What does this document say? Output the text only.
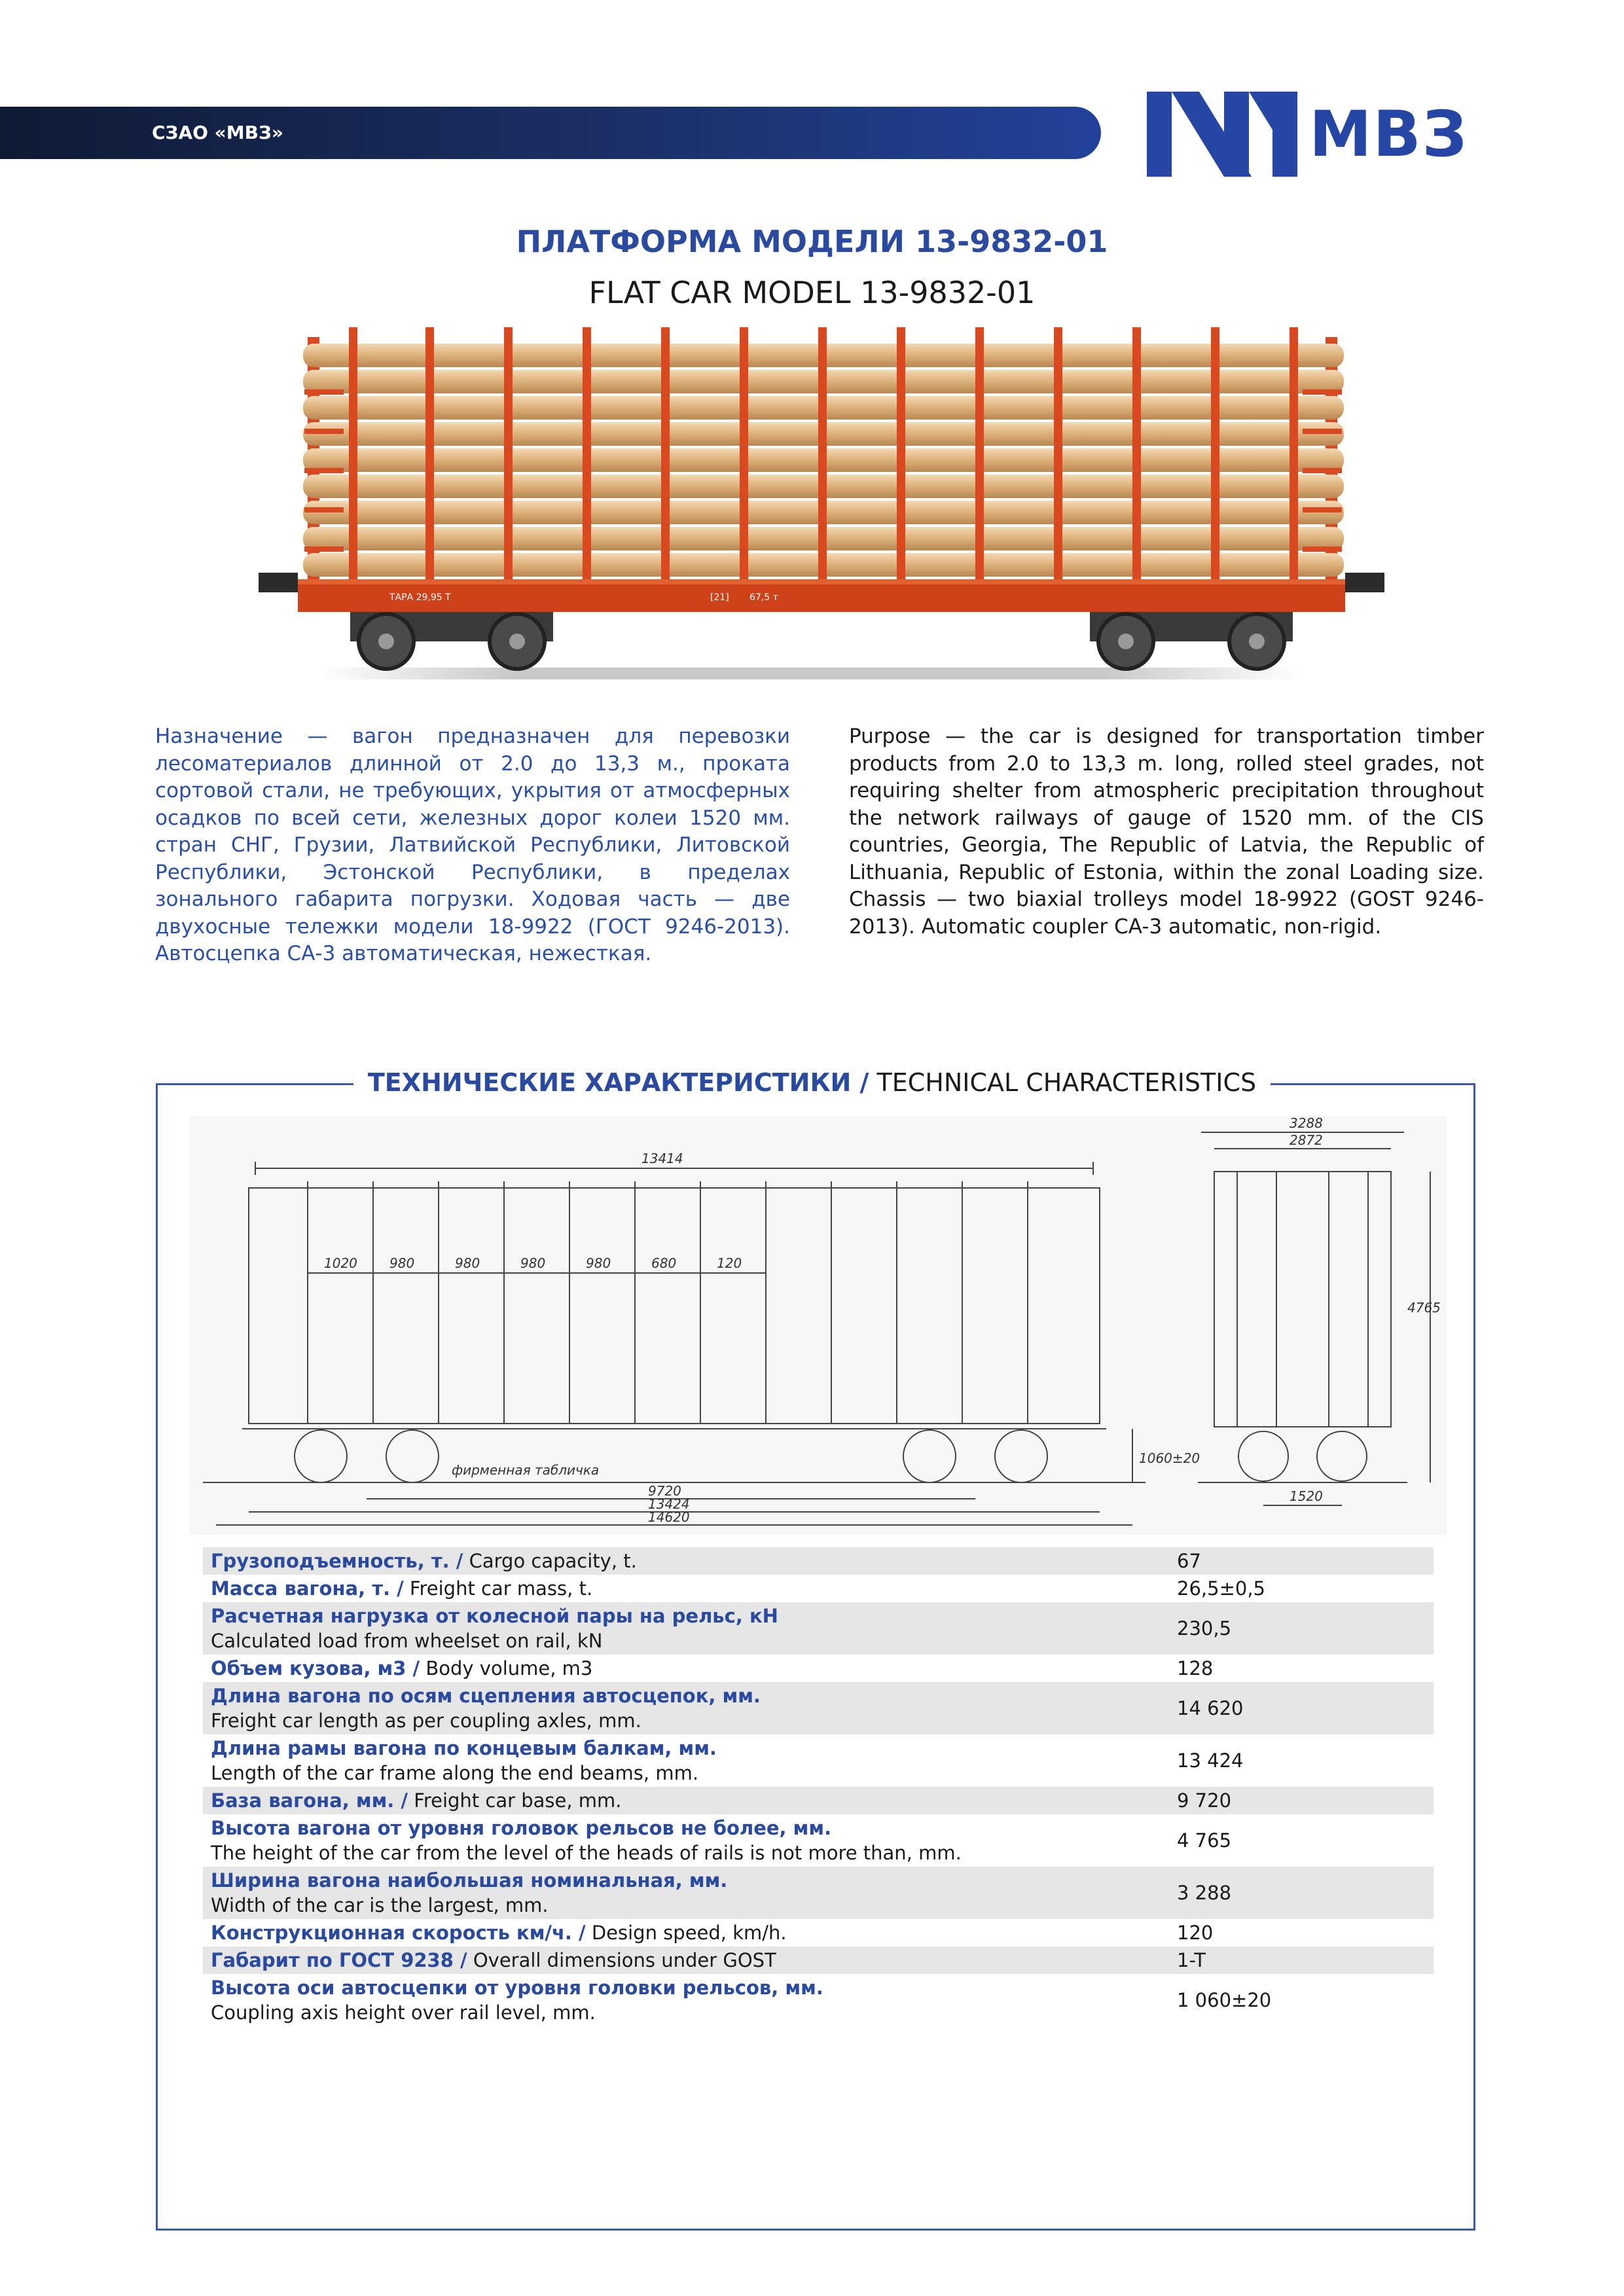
СЗАО «МВЗ»	МВЗ
ПЛАТФОРМА МОДЕЛИ 13-9832-01
FLAT CAR MODEL 13-9832-01
ТАРА 29,95 Т	[21] 67,5 т
Назначение — вагон предназначен для перевозки лесоматериалов длинной от 2.0 до 13,3 м., проката сортовой стали, не требующих, укрытия от атмосферных осадков по всей сети, железных дорог колеи 1520 мм. стран СНГ, Грузии, Латвийской Республики, Литовской Республики, Эстонской Республики, в пределах зонального габарита погрузки. Ходовая часть — две двухосные тележки модели 18-9922 (ГОСТ 9246-2013). Автосцепка СА-3 автоматическая, нежесткая.
Purpose — the car is designed for transportation timber products from 2.0 to 13,3 m. long, rolled steel grades, not requiring shelter from atmospheric precipitation throughout the network railways of gauge of 1520 mm. of the CIS countries, Georgia, The Republic of Latvia, the Republic of Lithuania, Republic of Estonia, within the zonal Loading size. Chassis — two biaxial trolleys model 18-9922 (GOST 9246-2013). Automatic coupler CA-3 automatic, non-rigid.
ТЕХНИЧЕСКИЕ ХАРАКТЕРИСТИКИ / TECHNICAL CHARACTERISTICS
13414
1020 980	980	980	980	680	120
фирменная табличка
9720
13424
14620
1060±20
3288
2872
4765
1520
Грузоподъемность, т. / Cargo capacity, t.	67
Масса вагона, т. / Freight car mass, t.	26,5±0,5
Расчетная нагрузка от колесной пары на рельс, кН
Calculated load from wheelset on rail, kN	230,5
Объем кузова, м3 / Body volume, m3	128
Длина вагона по осям сцепления автосцепок, мм.
Freight car length as per coupling axles, mm.	14 620
Длина рамы вагона по концевым балкам, мм.
Length of the car frame along the end beams, mm.	13 424
База вагона, мм. / Freight car base, mm.	9 720
Высота вагона от уровня головок рельсов не более, мм.
The height of the car from the level of the heads of rails is not more than, mm.	4 765
Ширина вагона наибольшая номинальная, мм.
Width of the car is the largest, mm.	3 288
Конструкционная скорость км/ч. / Design speed, km/h.	120
Габарит по ГОСТ 9238 / Overall dimensions under GOST	1-T
Высота оси автосцепки от уровня головки рельсов, мм.
Coupling axis height over rail level, mm.	1 060±20
